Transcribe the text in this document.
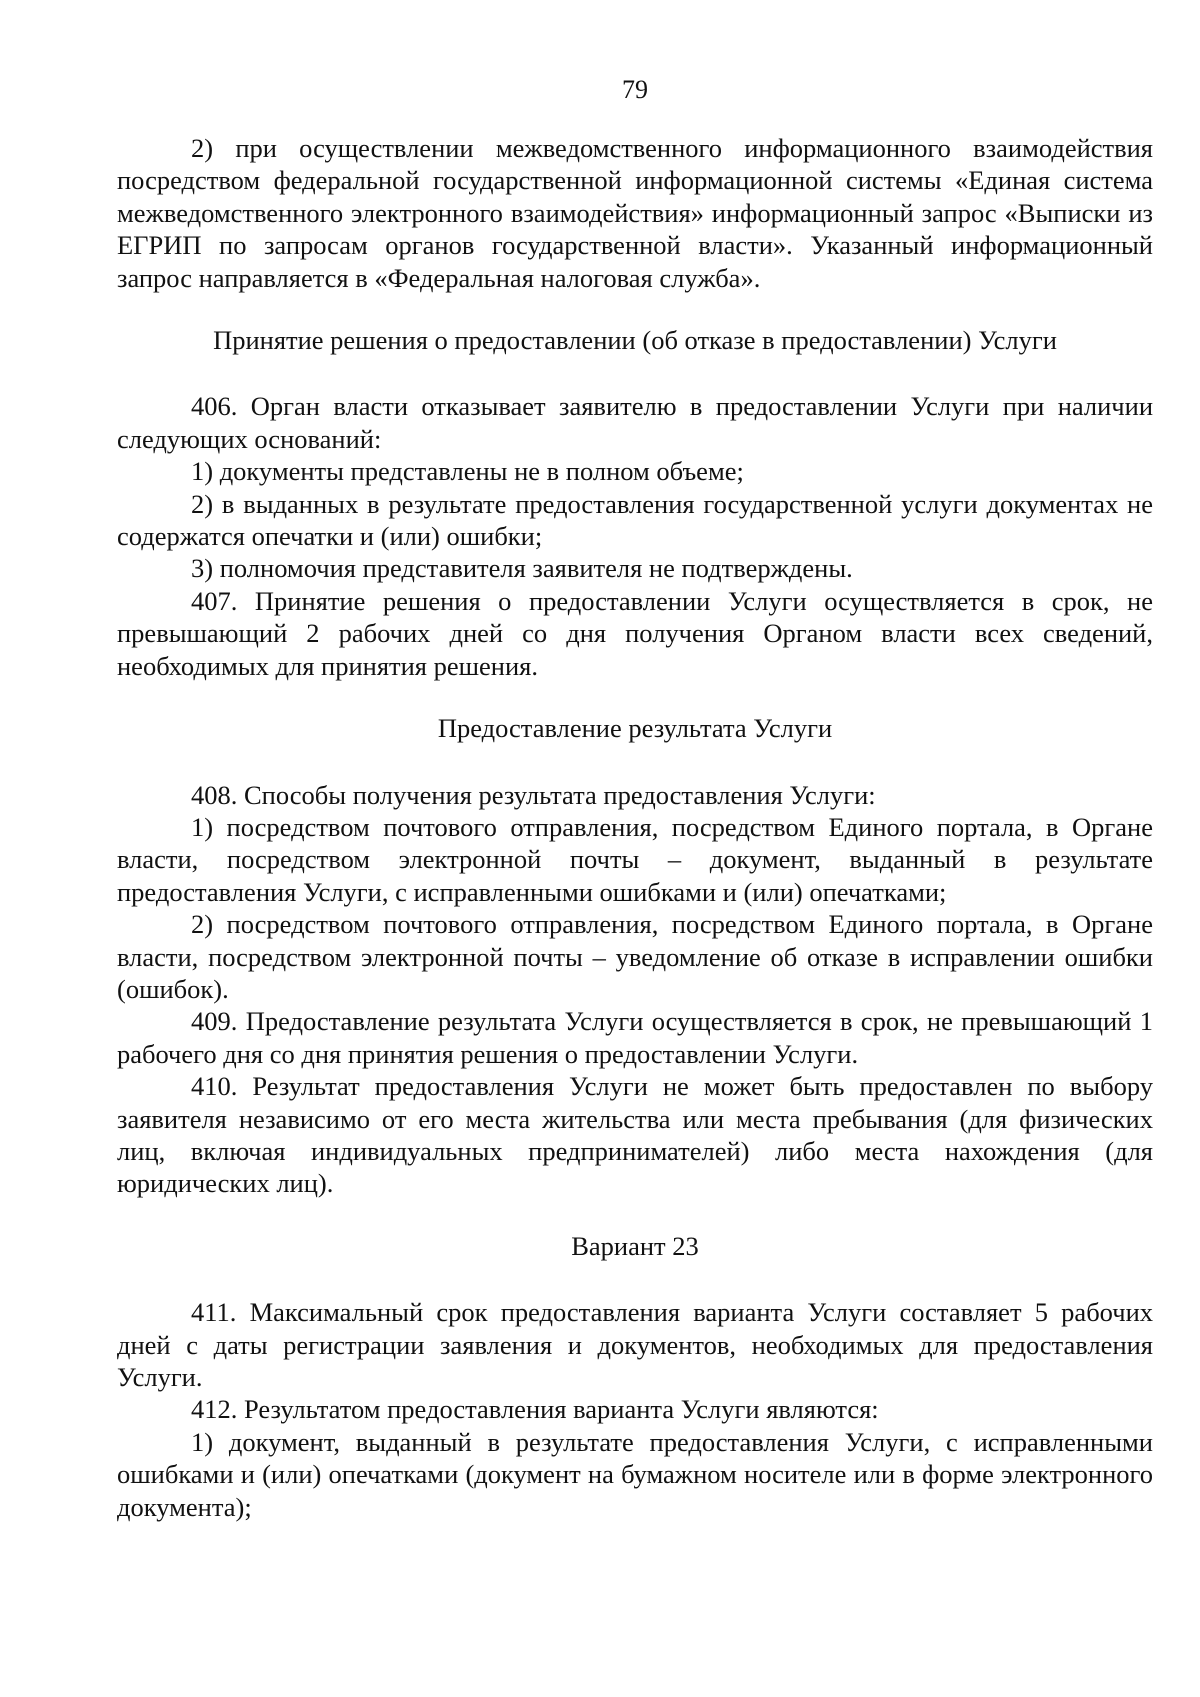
79

2) при осуществлении межведомственного информационного взаимодействия посредством федеральной государственной информационной системы «Единая система межведомственного электронного взаимодействия» информационный запрос «Выписки из ЕГРИП по запросам органов государственной власти». Указанный информационный запрос направляется в «Федеральная налоговая служба».

Принятие решения о предоставлении (об отказе в предоставлении) Услуги

406. Орган власти отказывает заявителю в предоставлении Услуги при наличии следующих оснований:

1) документы представлены не в полном объеме;

2) в выданных в результате предоставления государственной услуги документах не содержатся опечатки и (или) ошибки;

3) полномочия представителя заявителя не подтверждены.

407. Принятие решения о предоставлении Услуги осуществляется в срок, не превышающий 2 рабочих дней со дня получения Органом власти всех сведений, необходимых для принятия решения.

Предоставление результата Услуги

408. Способы получения результата предоставления Услуги:

1) посредством почтового отправления, посредством Единого портала, в Органе власти, посредством электронной почты – документ, выданный в результате предоставления Услуги, с исправленными ошибками и (или) опечатками;

2) посредством почтового отправления, посредством Единого портала, в Органе власти, посредством электронной почты – уведомление об отказе в исправлении ошибки (ошибок).

409. Предоставление результата Услуги осуществляется в срок, не превышающий 1 рабочего дня со дня принятия решения о предоставлении Услуги.

410. Результат предоставления Услуги не может быть предоставлен по выбору заявителя независимо от его места жительства или места пребывания (для физических лиц, включая индивидуальных предпринимателей) либо места нахождения (для юридических лиц).

Вариант 23

411. Максимальный срок предоставления варианта Услуги составляет 5 рабочих дней с даты регистрации заявления и документов, необходимых для предоставления Услуги.

412. Результатом предоставления варианта Услуги являются:

1) документ, выданный в результате предоставления Услуги, с исправленными ошибками и (или) опечатками (документ на бумажном носителе или в форме электронного документа);
